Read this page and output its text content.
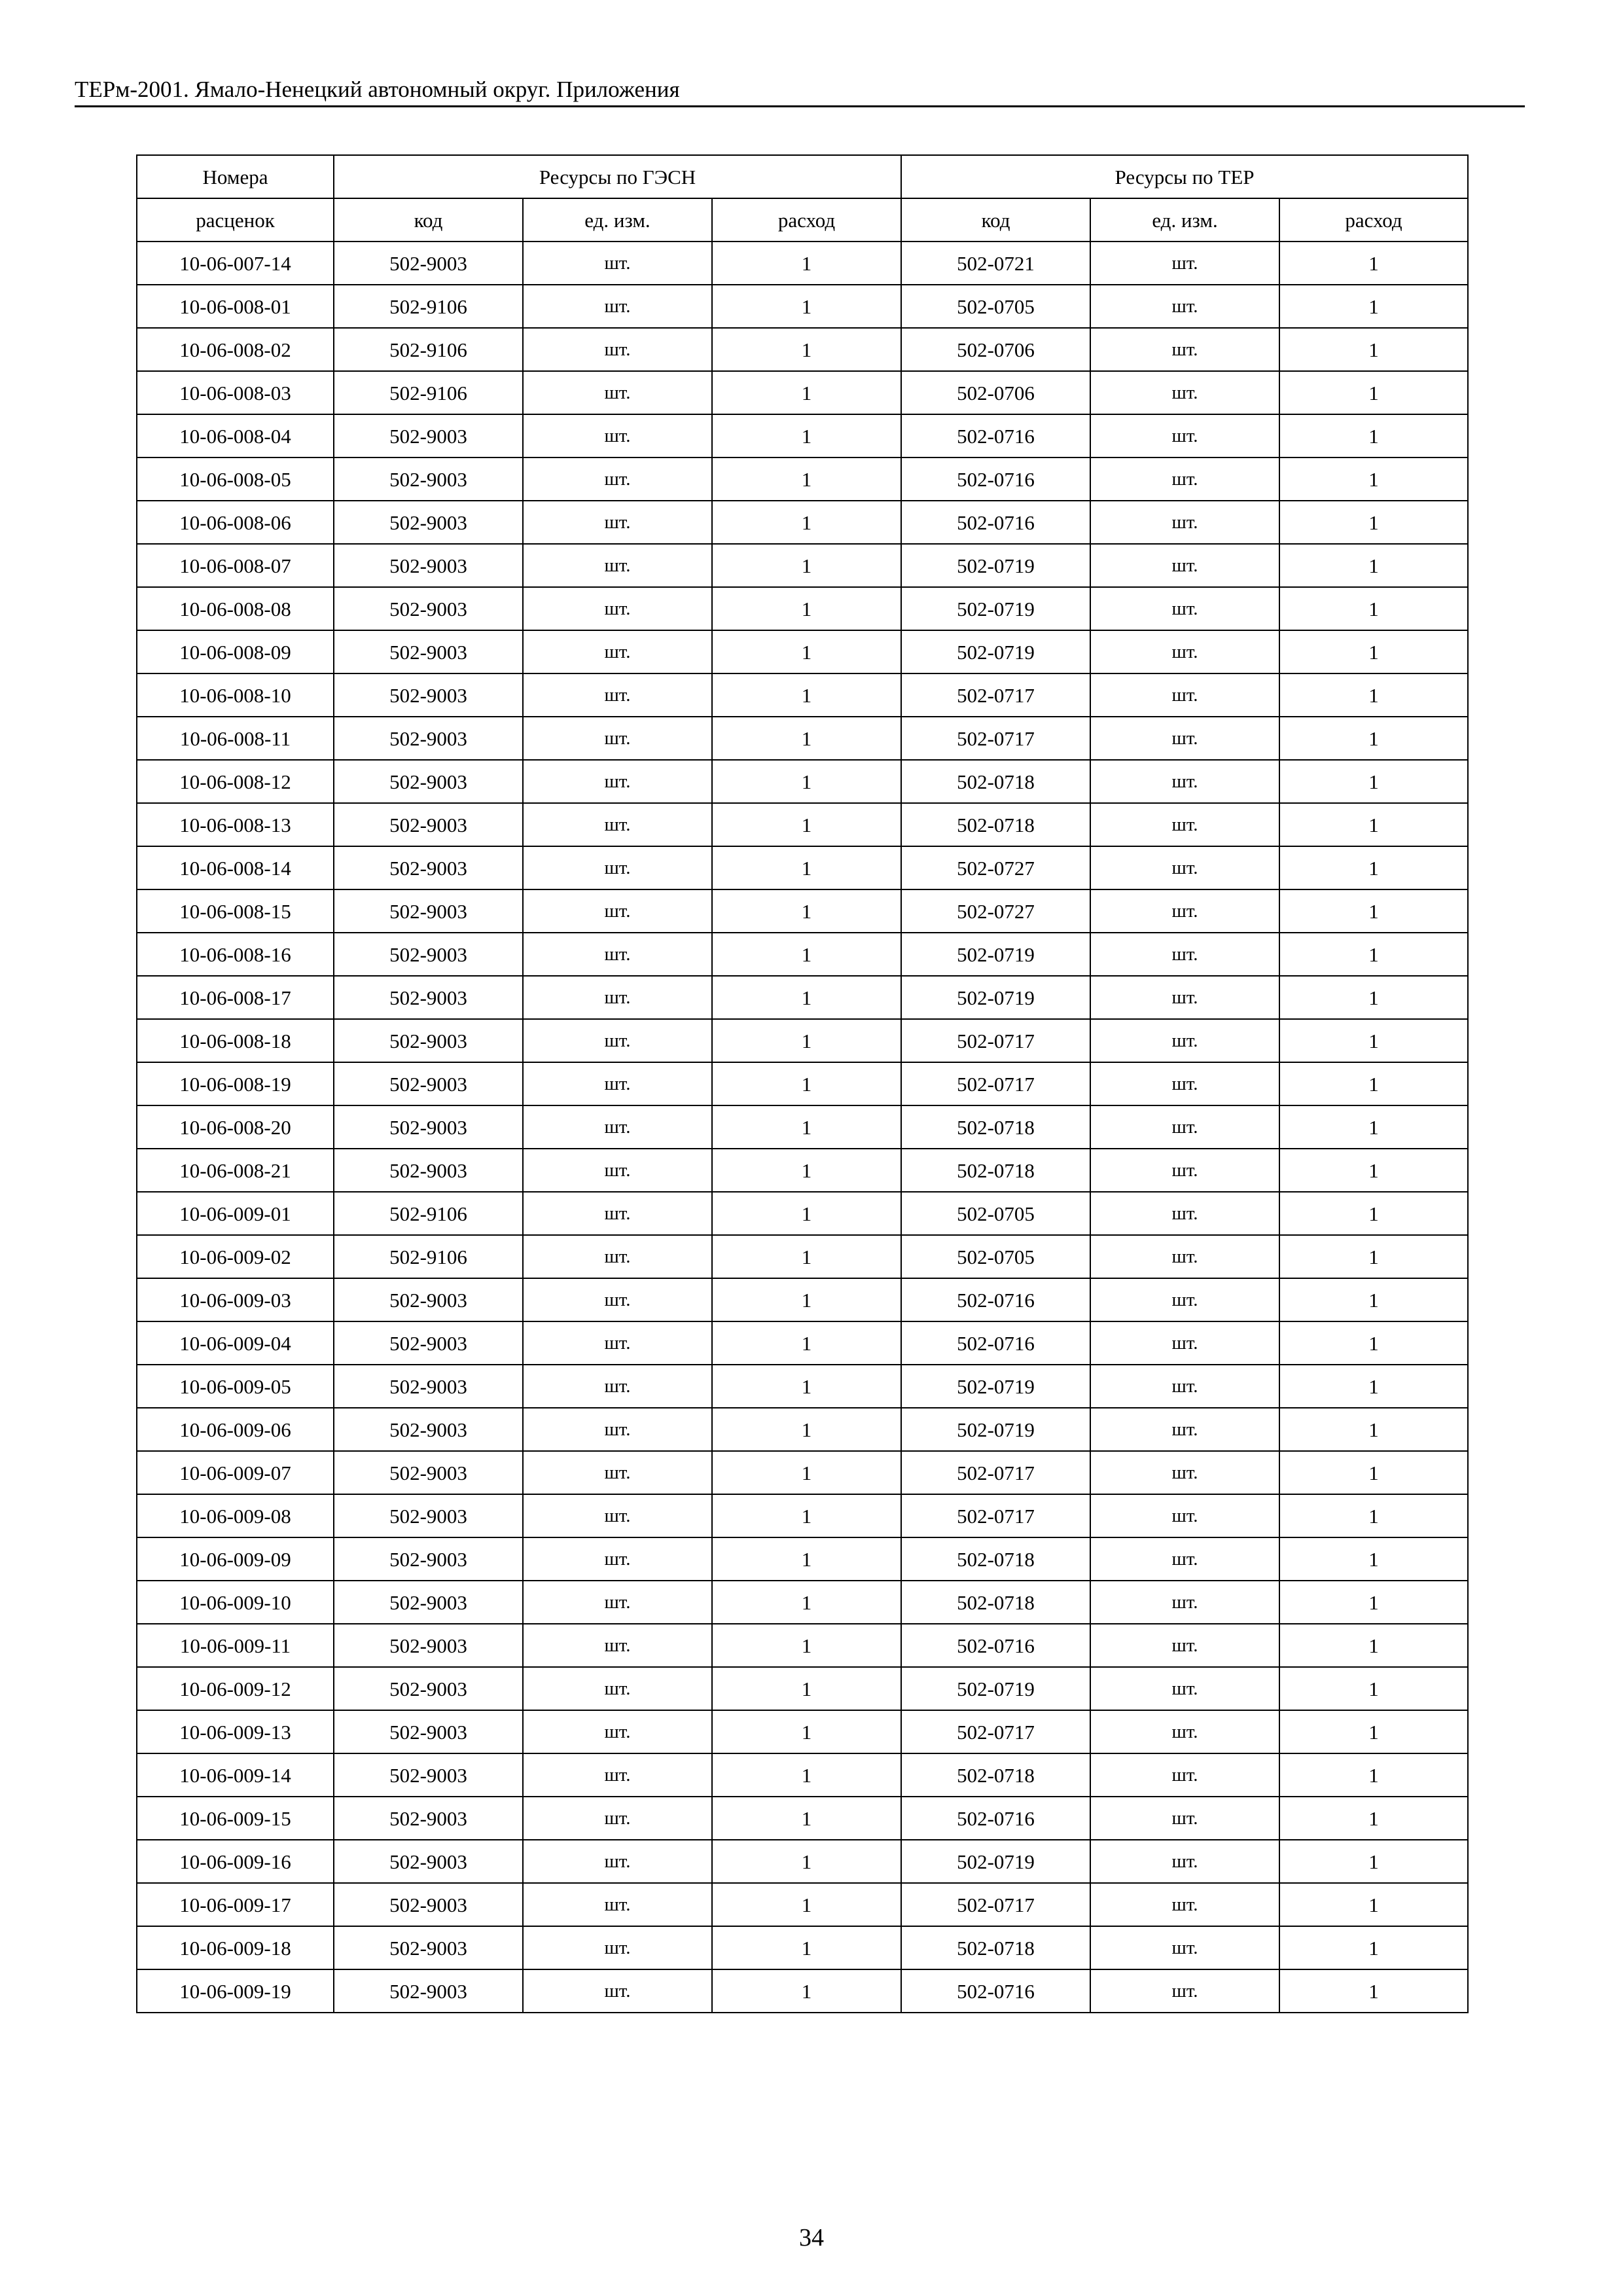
ТЕРм-2001. Ямало-Ненецкий автономный округ. Приложения
Номера	Ресурсы по ГЭСН			Ресурсы по ТЕР		
расценок	код	ед. изм.	расход	код	ед. изм.	расход
10-06-007-14	502-9003	шт.	1	502-0721	шт.	1
10-06-008-01	502-9106	шт.	1	502-0705	шт.	1
10-06-008-02	502-9106	шт.	1	502-0706	шт.	1
10-06-008-03	502-9106	шт.	1	502-0706	шт.	1
10-06-008-04	502-9003	шт.	1	502-0716	шт.	1
10-06-008-05	502-9003	шт.	1	502-0716	шт.	1
10-06-008-06	502-9003	шт.	1	502-0716	шт.	1
10-06-008-07	502-9003	шт.	1	502-0719	шт.	1
10-06-008-08	502-9003	шт.	1	502-0719	шт.	1
10-06-008-09	502-9003	шт.	1	502-0719	шт.	1
10-06-008-10	502-9003	шт.	1	502-0717	шт.	1
10-06-008-11	502-9003	шт.	1	502-0717	шт.	1
10-06-008-12	502-9003	шт.	1	502-0718	шт.	1
10-06-008-13	502-9003	шт.	1	502-0718	шт.	1
10-06-008-14	502-9003	шт.	1	502-0727	шт.	1
10-06-008-15	502-9003	шт.	1	502-0727	шт.	1
10-06-008-16	502-9003	шт.	1	502-0719	шт.	1
10-06-008-17	502-9003	шт.	1	502-0719	шт.	1
10-06-008-18	502-9003	шт.	1	502-0717	шт.	1
10-06-008-19	502-9003	шт.	1	502-0717	шт.	1
10-06-008-20	502-9003	шт.	1	502-0718	шт.	1
10-06-008-21	502-9003	шт.	1	502-0718	шт.	1
10-06-009-01	502-9106	шт.	1	502-0705	шт.	1
10-06-009-02	502-9106	шт.	1	502-0705	шт.	1
10-06-009-03	502-9003	шт.	1	502-0716	шт.	1
10-06-009-04	502-9003	шт.	1	502-0716	шт.	1
10-06-009-05	502-9003	шт.	1	502-0719	шт.	1
10-06-009-06	502-9003	шт.	1	502-0719	шт.	1
10-06-009-07	502-9003	шт.	1	502-0717	шт.	1
10-06-009-08	502-9003	шт.	1	502-0717	шт.	1
10-06-009-09	502-9003	шт.	1	502-0718	шт.	1
10-06-009-10	502-9003	шт.	1	502-0718	шт.	1
10-06-009-11	502-9003	шт.	1	502-0716	шт.	1
10-06-009-12	502-9003	шт.	1	502-0719	шт.	1
10-06-009-13	502-9003	шт.	1	502-0717	шт.	1
10-06-009-14	502-9003	шт.	1	502-0718	шт.	1
10-06-009-15	502-9003	шт.	1	502-0716	шт.	1
10-06-009-16	502-9003	шт.	1	502-0719	шт.	1
10-06-009-17	502-9003	шт.	1	502-0717	шт.	1
10-06-009-18	502-9003	шт.	1	502-0718	шт.	1
10-06-009-19	502-9003	шт.	1	502-0716	шт.	1
34
